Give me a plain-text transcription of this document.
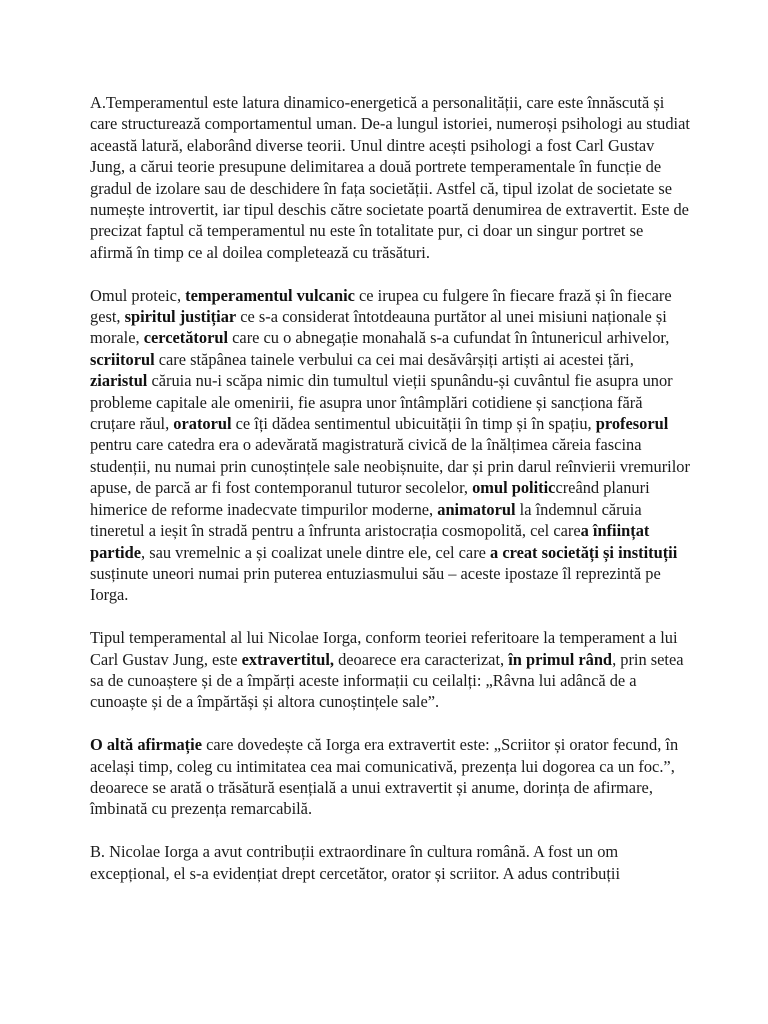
A.Temperamentul este latura dinamico-energetică a personalității, care este înnăscută și care structurează comportamentul uman. De-a lungul istoriei, numeroși psihologi au studiat această latură, elaborând diverse teorii. Unul dintre acești psihologi a fost Carl Gustav Jung, a cărui teorie presupune delimitarea a două portrete temperamentale în funcție de gradul de izolare sau de deschidere în fața societății. Astfel că, tipul izolat de societate se numește introvertit, iar tipul deschis către societate poartă denumirea de extravertit. Este de precizat faptul că temperamentul nu este în totalitate pur, ci doar un singur portret se afirmă în timp ce al doilea completează cu trăsături.

Omul proteic, temperamentul vulcanic ce irupea cu fulgere în fiecare frază și în fiecare gest, spiritul justițiar ce s-a considerat întotdeauna purtător al unei misiuni naționale și morale, cercetătorul care cu o abnegație monahală s-a cufundat în întunericul arhivelor, scriitorul care stăpânea tainele verbului ca cei mai desăvârșiți artiști ai acestei țări, ziaristul căruia nu-i scăpa nimic din tumultul vieții spunându-și cuvântul fie asupra unor probleme capitale ale omenirii, fie asupra unor întâmplări cotidiene și sancționa fără cruțare răul, oratorul ce îți dădea sentimentul ubicuității în timp și în spațiu, profesorul pentru care catedra era o adevărată magistratură civică de la înălțimea căreia fascina studenții, nu numai prin cunoștințele sale neobișnuite, dar și prin darul reînvierii vremurilor apuse, de parcă ar fi fost contemporanul tuturor secolelor, omul politiccreând planuri himerice de reforme inadecvate timpurilor moderne, animatorul la îndemnul căruia tineretul a ieșit în stradă pentru a înfrunta aristocrația cosmopolită, cel carea înființat partide, sau vremelnic a și coalizat unele dintre ele, cel care a creat societăți și instituții susținute uneori numai prin puterea entuziasmului său – aceste ipostaze îl reprezintă pe Iorga.

Tipul temperamental al lui Nicolae Iorga, conform teoriei referitoare la temperament a lui Carl Gustav Jung, este extravertitul, deoarece era caracterizat, în primul rând, prin setea sa de cunoaștere și de a împărți aceste informații cu ceilalți: „Râvna lui adâncă de a cunoaște și de a împărtăși și altora cunoștințele sale”.

O altă afirmație care dovedește că Iorga era extravertit este: „Scriitor și orator fecund, în același timp, coleg cu intimitatea cea mai comunicativă, prezența lui dogorea ca un foc.”, deoarece se arată o trăsătură esențială a unui extravertit și anume, dorința de afirmare, îmbinată cu prezența remarcabilă.

B. Nicolae Iorga a avut contribuții extraordinare în cultura română. A fost un om excepțional, el s-a evidențiat drept cercetător, orator și scriitor. A adus contribuții
